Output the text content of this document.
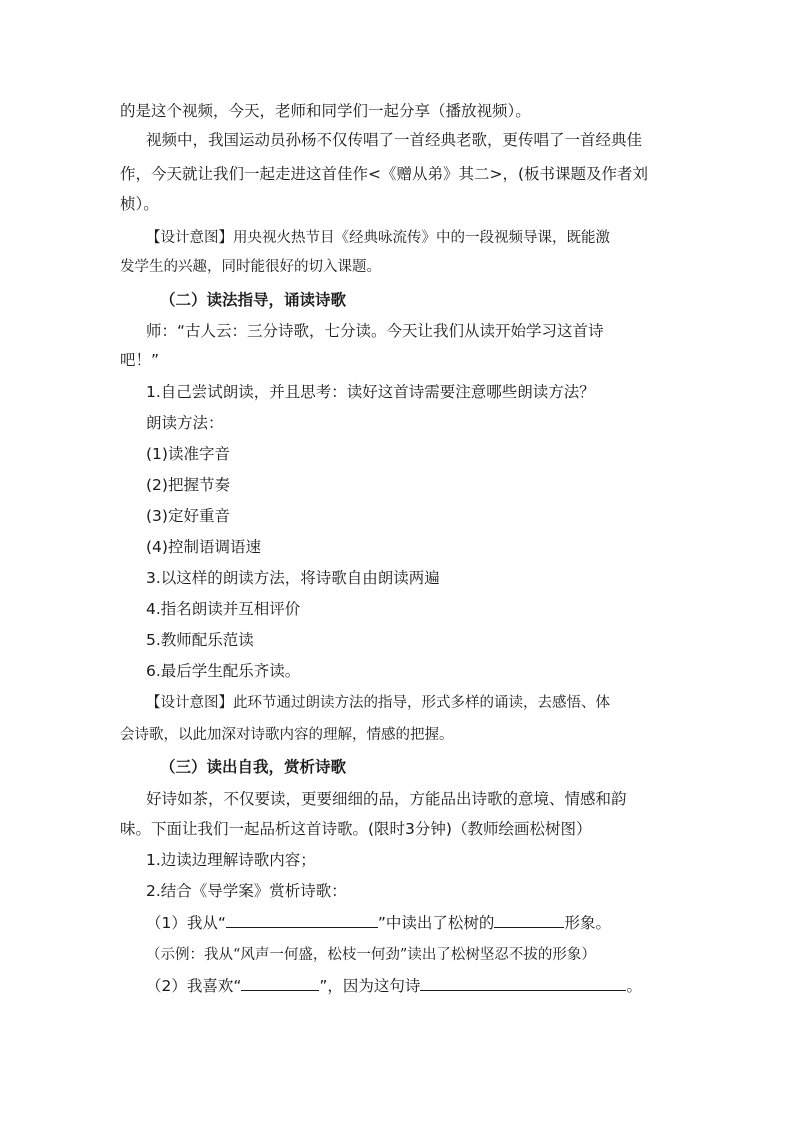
的是这个视频，今天，老师和同学们一起分享（播放视频）。
视频中，我国运动员孙杨不仅传唱了一首经典老歌，更传唱了一首经典佳
作，今天就让我们一起走进这首佳作<《赠从弟》其二>，(板书课题及作者刘
桢）。
【设计意图】用央视火热节目《经典咏流传》中的一段视频导课，既能激
发学生的兴趣，同时能很好的切入课题。
（二）读法指导，诵读诗歌
师：“古人云：三分诗歌，七分读。今天让我们从读开始学习这首诗
吧！”
1.自己尝试朗读，并且思考：读好这首诗需要注意哪些朗读方法？
朗读方法：
(1)读准字音
(2)把握节奏
(3)定好重音
(4)控制语调语速
3.以这样的朗读方法，将诗歌自由朗读两遍
4.指名朗读并互相评价
5.教师配乐范读
6.最后学生配乐齐读。
【设计意图】此环节通过朗读方法的指导，形式多样的诵读，去感悟、体
会诗歌，以此加深对诗歌内容的理解，情感的把握。
（三）读出自我，赏析诗歌
好诗如茶，不仅要读，更要细细的品，方能品出诗歌的意境、情感和韵
味。下面让我们一起品析这首诗歌。(限时3分钟)（教师绘画松树图）
1.边读边理解诗歌内容；
2.结合《导学案》赏析诗歌：
（1）我从“	”中读出了松树的	形象。
（示例：我从“风声一何盛，松枝一何劲”读出了松树坚忍不拔的形象）
（2）我喜欢“	”，因为这句诗	。
